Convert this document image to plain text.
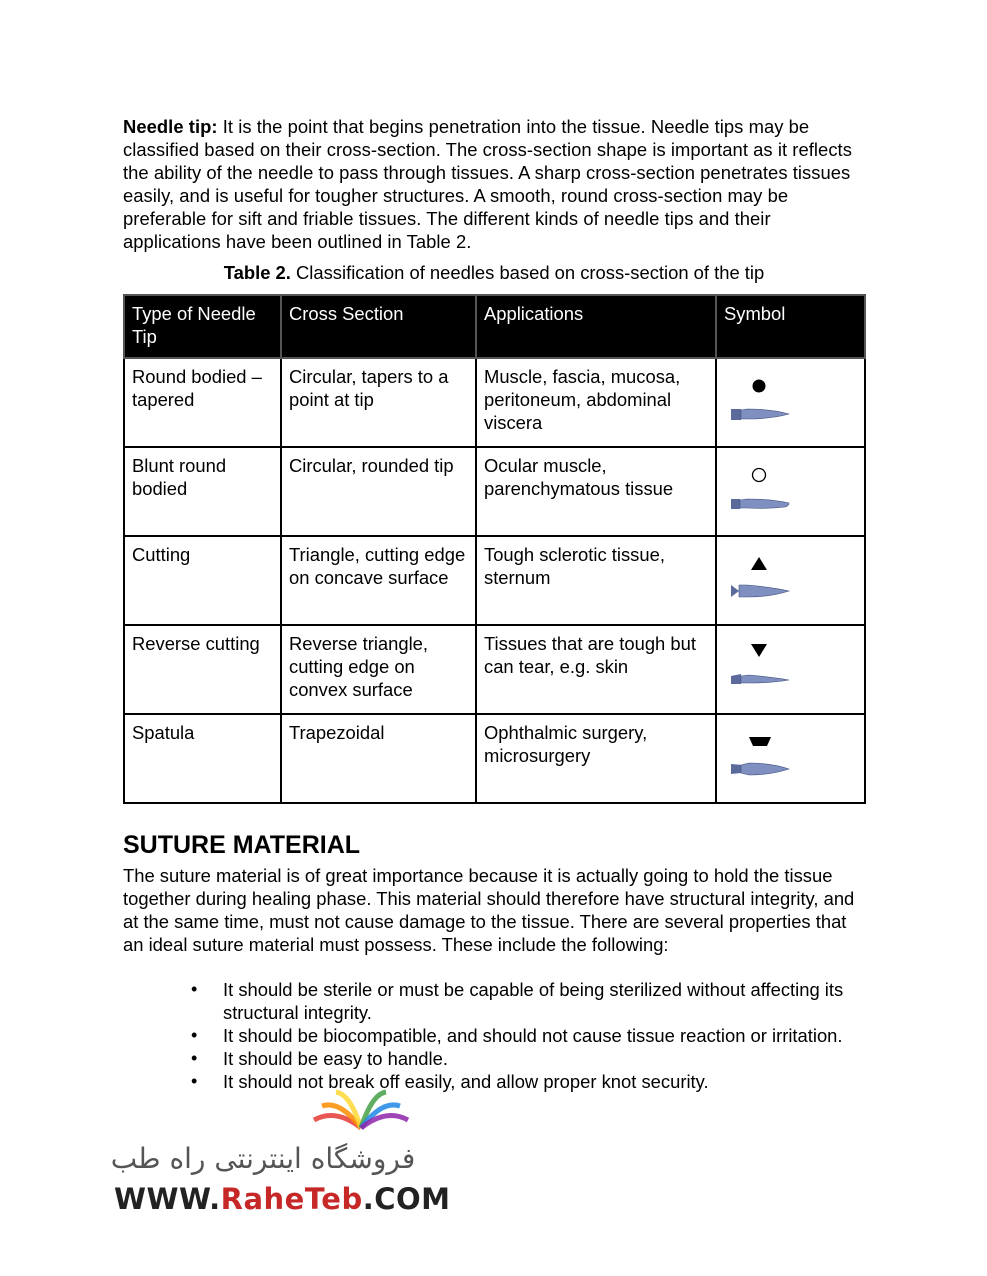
Needle tip: It is the point that begins penetration into the tissue. Needle tips may be classified based on their cross-section. The cross-section shape is important as it reflects the ability of the needle to pass through tissues. A sharp cross-section penetrates tissues easily, and is useful for tougher structures. A smooth, round cross-section may be preferable for sift and friable tissues. The different kinds of needle tips and their applications have been outlined in Table 2.

Table 2. Classification of needles based on cross-section of the tip
Type of Needle Tip	Cross Section	Applications	Symbol
Round bodied – tapered	Circular, tapers to a point at tip	Muscle, fascia, mucosa, peritoneum, abdominal viscera	

Blunt round bodied	Circular, rounded tip	Ocular muscle, parenchymatous tissue	

Cutting	Triangle, cutting edge on concave surface	Tough sclerotic tissue, sternum	

Reverse cutting	Reverse triangle, cutting edge on convex surface	Tissues that are tough but can tear, e.g. skin	

Spatula	Trapezoidal	Ophthalmic surgery, microsurgery	
SUTURE MATERIAL

The suture material is of great importance because it is actually going to hold the tissue together during healing phase. This material should therefore have structural integrity, and at the same time, must not cause damage to the tissue. There are several properties that an ideal suture material must possess. These include the following:

• It should be sterile or must be capable of being sterilized without affecting its structural integrity.
• It should be biocompatible, and should not cause tissue reaction or irritation.
• It should be easy to handle.
• It should not break off easily, and allow proper knot security.
فروشگاه اینترنتی راه طب
WWW.RaheTeb.COM
